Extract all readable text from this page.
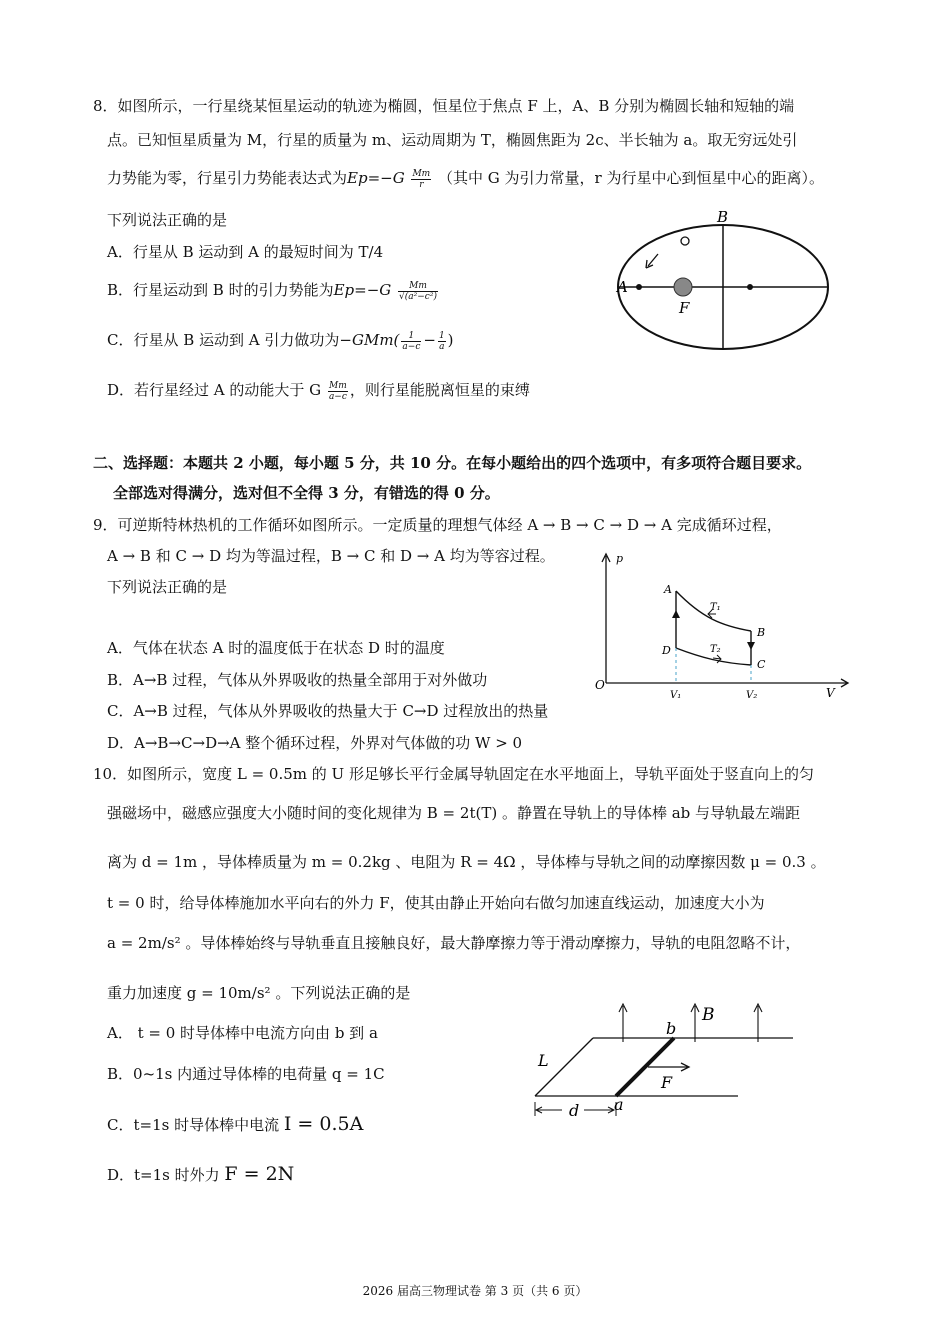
8．如图所示，一行星绕某恒星运动的轨迹为椭圆，恒星位于焦点 F 上，A、B 分别为椭圆长轴和短轴的端
点。已知恒星质量为 M，行星的质量为 m、运动周期为 T，椭圆焦距为 2c、半长轴为 a。取无穷远处引
力势能为零，行星引力势能表达式为$Ep=-G \frac{Mm}{r}$ （其中 G 为引力常量，r 为行星中心到恒星中心的距离）。
下列说法正确的是
A．行星从 B 运动到 A 的最短时间为 T/4
B．行星运动到 B 时的引力势能为$Ep=-G \frac{Mm}{\text{√(a²−c²)}}$
C．行星从 B 运动到 A 引力做功为$-GMm( \frac{1}{a-c} - \frac{1}{a}$ )
D．若行星经过 A 的动能大于 G $\frac{Mm}{a-c}$ ，则行星能脱离恒星的束缚
A
B
F
二、选择题：本题共 2 小题，每小题 5 分，共 10 分。在每小题给出的四个选项中，有多项符合题目要求。
全部选对得满分，选对但不全得 3 分，有错选的得 0 分。
9．可逆斯特林热机的工作循环如图所示。一定质量的理想气体经 A → B → C → D → A 完成循环过程，
A → B 和 C → D 均为等温过程，B → C 和 D → A 均为等容过程。
下列说法正确的是
A．气体在状态 A 时的温度低于在状态 D 时的温度
B．A→B 过程，气体从外界吸收的热量全部用于对外做功
C．A→B 过程，气体从外界吸收的热量大于 C→D 过程放出的热量
D．A→B→C→D→A 整个循环过程，外界对气体做的功 W > 0
O
p
V
A
B
C
D
T₁
T₂
V₁	V₂
10．如图所示，宽度 L = 0.5m 的 U 形足够长平行金属导轨固定在水平地面上，导轨平面处于竖直向上的匀
强磁场中，磁感应强度大小随时间的变化规律为 B = 2t(T) 。静置在导轨上的导体棒 ab 与导轨最左端距
离为 d = 1m ，导体棒质量为 m = 0.2kg 、电阻为 R = 4Ω ，导体棒与导轨之间的动摩擦因数 μ = 0.3 。
t = 0 时，给导体棒施加水平向右的外力 F，使其由静止开始向右做匀加速直线运动，加速度大小为
a = 2m/s² 。导体棒始终与导轨垂直且接触良好，最大静摩擦力等于滑动摩擦力，导轨的电阻忽略不计，
重力加速度 g = 10m/s² 。下列说法正确的是
A． t = 0 时导体棒中电流方向由 b 到 a
B．0~1s 内通过导体棒的电荷量 q = 1C
C．t=1s 时导体棒中电流 I = 0.5A
D．t=1s 时外力 F = 2N
B
b
a
L
F
d
2026 届高三物理试卷 第 3 页（共 6 页）
